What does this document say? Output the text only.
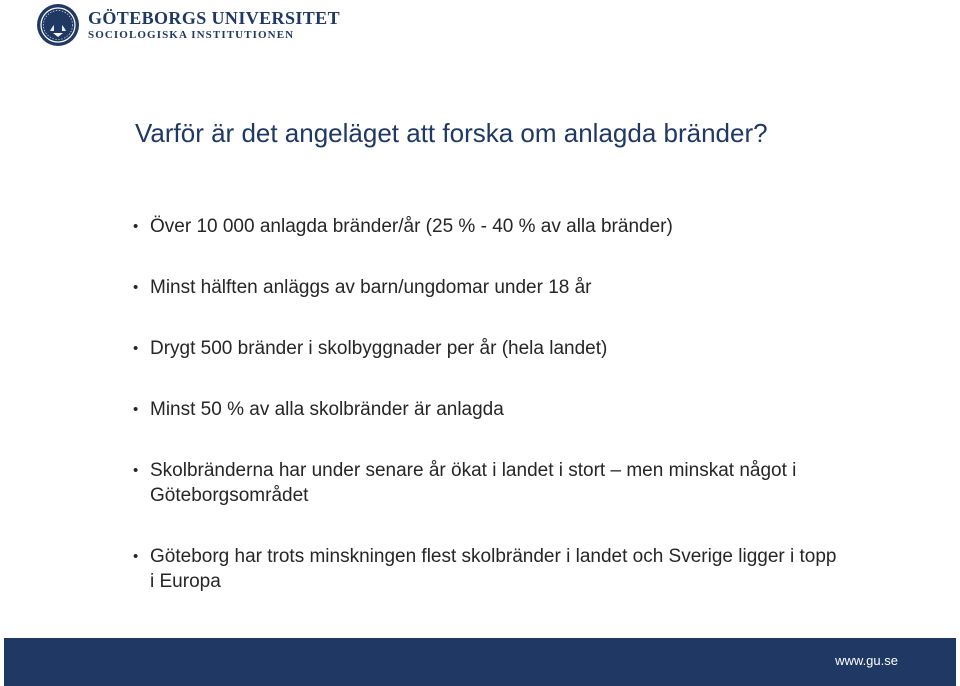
GÖTEBORGS UNIVERSITET
SOCIOLOGISKA INSTITUTIONEN
Varför är det angeläget att forska om anlagda bränder?
• Över 10 000 anlagda bränder/år (25 % - 40 % av alla bränder)
• Minst hälften anläggs av barn/ungdomar under 18 år
• Drygt 500 bränder i skolbyggnader per år (hela landet)
• Minst 50 % av alla skolbränder är anlagda
• Skolbränderna har under senare år ökat i landet i stort – men minskat något i Göteborgsområdet
• Göteborg har trots minskningen flest skolbränder i landet och Sverige ligger i topp i Europa
www.gu.se
